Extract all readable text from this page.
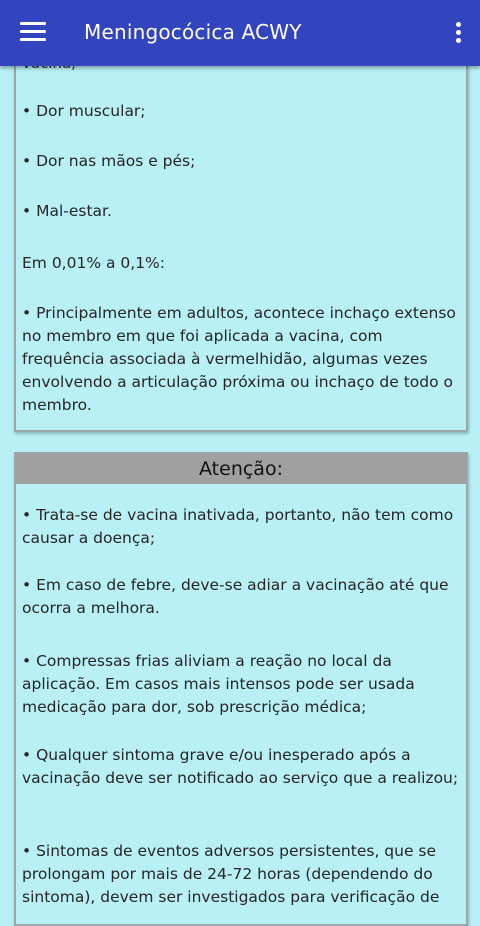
Meningocócica ACWY

• Dor muscular;

• Dor nas mãos e pés;

• Mal-estar.

Em 0,01% a 0,1%:

• Principalmente em adultos, acontece inchaço extenso no membro em que foi aplicada a vacina, com frequência associada à vermelhidão, algumas vezes envolvendo a articulação próxima ou inchaço de todo o membro.

Atenção:

• Trata-se de vacina inativada, portanto, não tem como causar a doença;

• Em caso de febre, deve-se adiar a vacinação até que ocorra a melhora.

• Compressas frias aliviam a reação no local da aplicação. Em casos mais intensos pode ser usada medicação para dor, sob prescrição médica;

• Qualquer sintoma grave e/ou inesperado após a vacinação deve ser notificado ao serviço que a realizou;

• Sintomas de eventos adversos persistentes, que se prolongam por mais de 24-72 horas (dependendo do sintoma), devem ser investigados para verificação de
